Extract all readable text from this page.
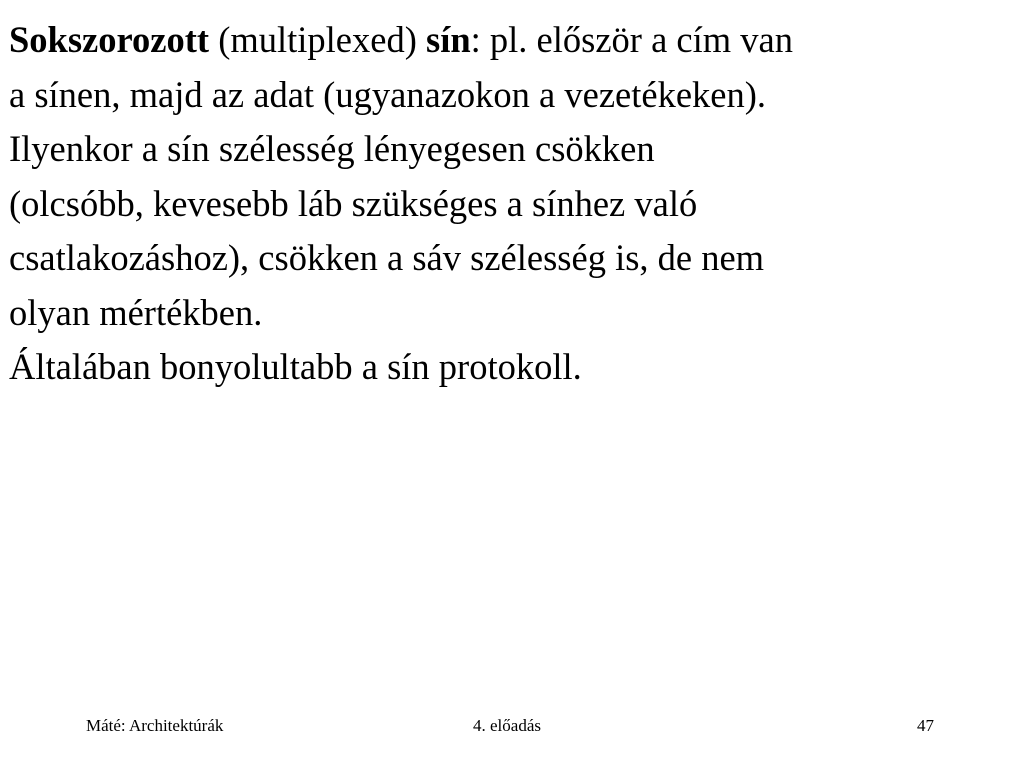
Sokszorozott (multiplexed) sín: pl. először a cím van
a sínen, majd az adat (ugyanazokon a vezetékeken).
Ilyenkor a sín szélesség lényegesen csökken
(olcsóbb, kevesebb láb szükséges a sínhez való
csatlakozáshoz), csökken a sáv szélesség is, de nem
olyan mértékben.
Általában bonyolultabb a sín protokoll.

Máté: Architektúrák	4. előadás	47
